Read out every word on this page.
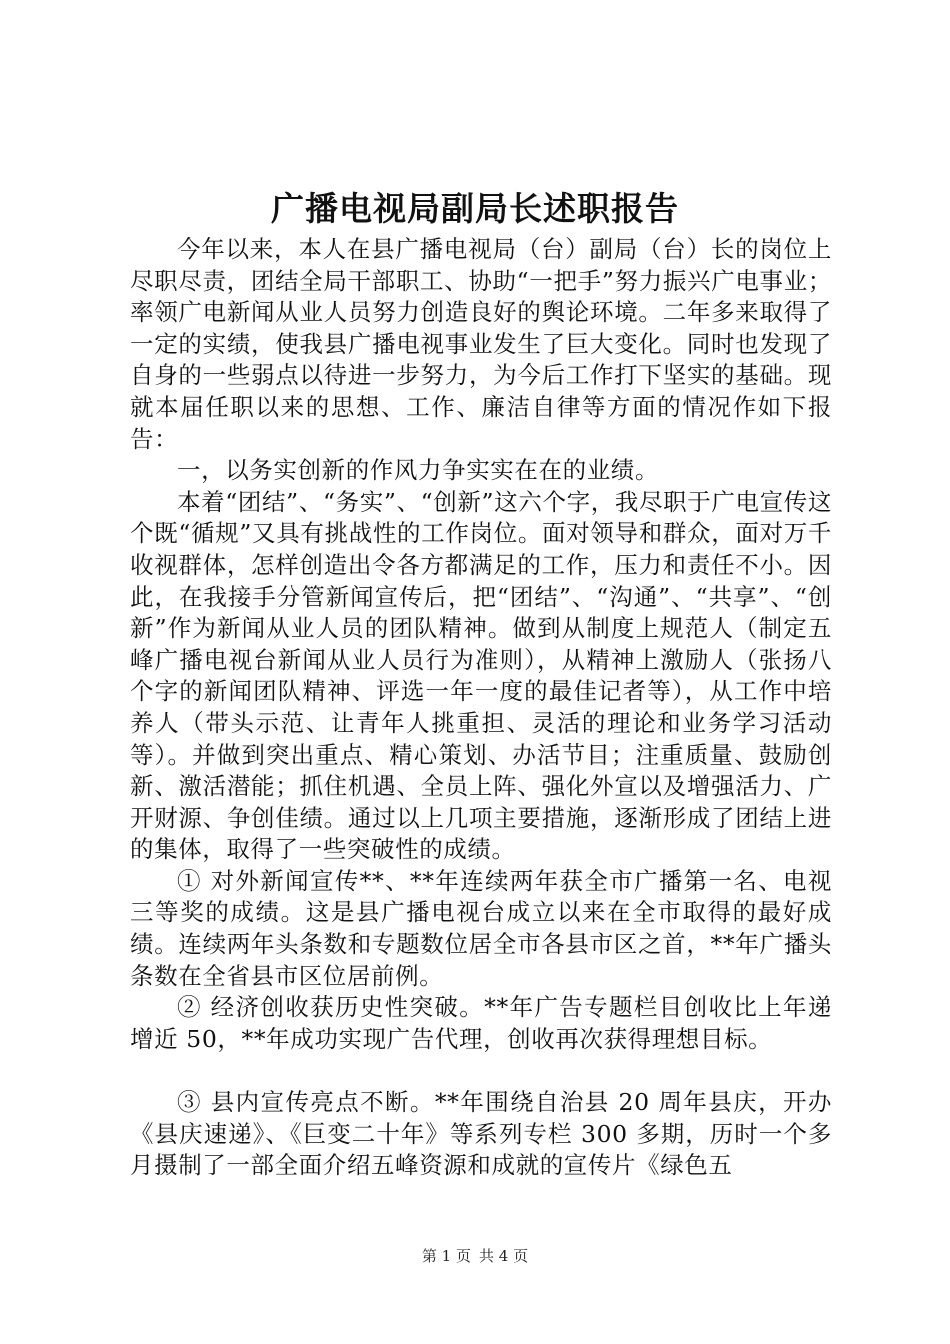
广播电视局副局长述职报告

今年以来，本人在县广播电视局（台）副局（台）长的岗位上尽职尽责，团结全局干部职工、协助“一把手”努力振兴广电事业；率领广电新闻从业人员努力创造良好的舆论环境。二年多来取得了一定的实绩，使我县广播电视事业发生了巨大变化。同时也发现了自身的一些弱点以待进一步努力，为今后工作打下坚实的基础。现就本届任职以来的思想、工作、廉洁自律等方面的情况作如下报告：

一，以务实创新的作风力争实实在在的业绩。

本着“团结”、“务实”、“创新”这六个字，我尽职于广电宣传这个既“循规”又具有挑战性的工作岗位。面对领导和群众，面对万千收视群体，怎样创造出令各方都满足的工作，压力和责任不小。因此，在我接手分管新闻宣传后，把“团结”、“沟通”、“共享”、“创新”作为新闻从业人员的团队精神。做到从制度上规范人（制定五峰广播电视台新闻从业人员行为准则），从精神上激励人（张扬八个字的新闻团队精神、评选一年一度的最佳记者等），从工作中培养人（带头示范、让青年人挑重担、灵活的理论和业务学习活动等）。并做到突出重点、精心策划、办活节目；注重质量、鼓励创新、激活潜能；抓住机遇、全员上阵、强化外宣以及增强活力、广开财源、争创佳绩。通过以上几项主要措施，逐渐形成了团结上进的集体，取得了一些突破性的成绩。

① 对外新闻宣传**、**年连续两年获全市广播第一名、电视三等奖的成绩。这是县广播电视台成立以来在全市取得的最好成绩。连续两年头条数和专题数位居全市各县市区之首，**年广播头条数在全省县市区位居前例。

② 经济创收获历史性突破。**年广告专题栏目创收比上年递增近 50，**年成功实现广告代理，创收再次获得理想目标。

③ 县内宣传亮点不断。**年围绕自治县 20 周年县庆，开办《县庆速递》、《巨变二十年》等系列专栏 300 多期，历时一个多月摄制了一部全面介绍五峰资源和成就的宣传片《绿色五

第 1 页 共 4 页
